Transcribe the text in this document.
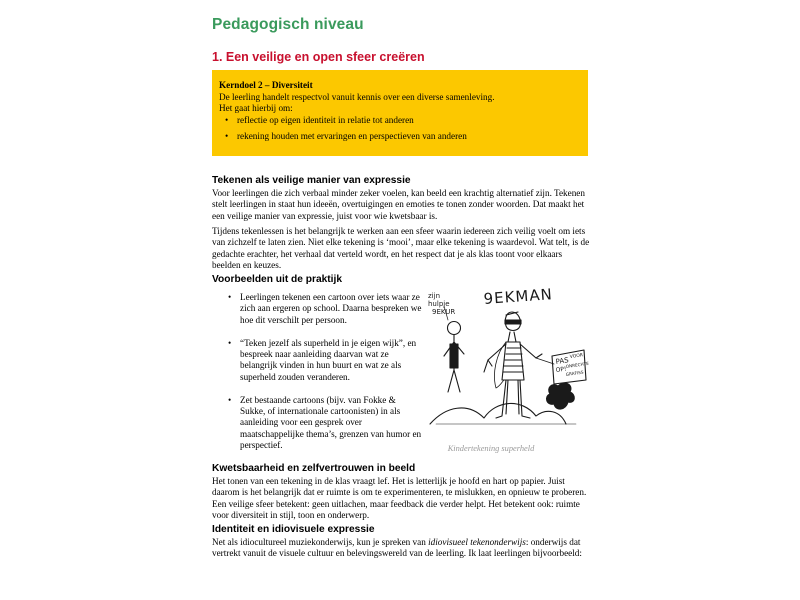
Pedagogisch niveau
1. Een veilige en open sfeer creëren
Kerndoel 2 – Diversiteit
De leerling handelt respectvol vanuit kennis over een diverse samenleving.
Het gaat hierbij om:
• reflectie op eigen identiteit in relatie tot anderen
• rekening houden met ervaringen en perspectieven van anderen
Tekenen als veilige manier van expressie

Voor leerlingen die zich verbaal minder zeker voelen, kan beeld een krachtig alternatief zijn. Tekenen stelt leerlingen in staat hun ideeën, overtuigingen en emoties te tonen zonder woorden. Dat maakt het een veilige manier van expressie, juist voor wie kwetsbaar is.

Tijdens tekenlessen is het belangrijk te werken aan een sfeer waarin iedereen zich veilig voelt om iets van zichzelf te laten zien. Niet elke tekening is ‘mooi’, maar elke tekening is waardevol. Wat telt, is de gedachte erachter, het verhaal dat verteld wordt, en het respect dat je als klas toont voor elkaars beelden en keuzes.

Voorbeelden uit de praktijk
• Leerlingen tekenen een cartoon over iets waar ze zich aan ergeren op school. Daarna bespreken we hoe dit verschilt per persoon.
• “Teken jezelf als superheld in je eigen wijk”, en bespreek naar aanleiding daarvan wat ze belangrijk vinden in hun buurt en wat ze als superheld zouden veranderen.
• Zet bestaande cartoons (bijv. van Fokke & Sukke, of internationale cartoonisten) in als aanleiding voor een gesprek over maatschappelijke thema’s, grenzen van humor en perspectief.
zijn
hulpje
9EKUR
9EKMAN
PAS
OP!
VOOR
ONRECHTE
GRAFISS
Kindertekening superheld
Kwetsbaarheid en zelfvertrouwen in beeld

Het tonen van een tekening in de klas vraagt lef. Het is letterlijk je hoofd en hart op papier. Juist daarom is het belangrijk dat er ruimte is om te experimenteren, te mislukken, en opnieuw te proberen. Een veilige sfeer betekent: geen uitlachen, maar feedback die verder helpt. Het betekent ook: ruimte voor diversiteit in stijl, toon en onderwerp.

Identiteit en idiovisuele expressie

Net als idiocultureel muziekonderwijs, kun je spreken van idiovisueel tekenonderwijs: onderwijs dat vertrekt vanuit de visuele cultuur en belevingswereld van de leerling. Ik laat leerlingen bijvoorbeeld:
